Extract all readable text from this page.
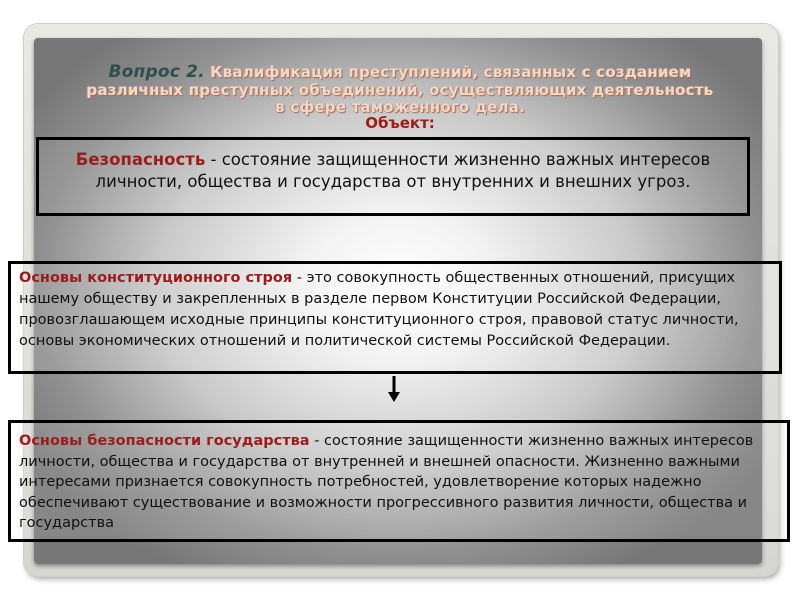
Вопрос 2. Квалификация преступлений, связанных с созданием
различных преступных объединений, осуществляющих деятельность
в сфере таможенного дела.
Объект:
Безопасность - состояние защищенности жизненно важных интересов личности, общества и государства от внутренних и внешних угроз.
Основы конституционного строя - это совокупность общественных отношений, присущих нашему обществу и закрепленных в разделе первом Конституции Российской Федерации, провозглашающем исходные принципы конституционного строя, правовой статус личности, основы экономических отношений и политической системы Российской Федерации.
Основы безопасности государства - состояние защищенности жизненно важных интересов личности, общества и государства от внутренней и внешней опасности. Жизненно важными интересами признается совокупность потребностей, удовлетворение которых надежно обеспечивают существование и возможности прогрессивного развития личности, общества и государства
